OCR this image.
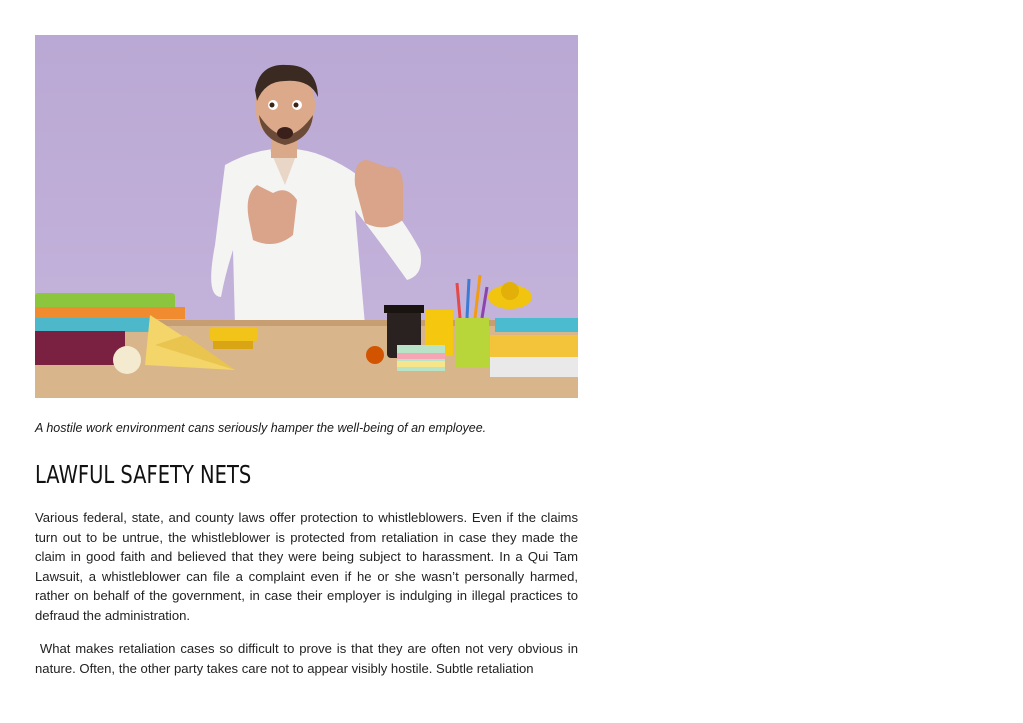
A hostile work environment cans seriously hamper the well-being of an employee.
LAWFUL SAFETY NETS

Various federal, state, and county laws offer protection to whistleblowers. Even if the claims turn out to be untrue, the whistleblower is protected from retaliation in case they made the claim in good faith and believed that they were being subject to harassment. In a Qui Tam Lawsuit, a whistleblower can file a complaint even if he or she wasn’t personally harmed, rather on behalf of the government, in case their employer is indulging in illegal practices to defraud the administration.

What makes retaliation cases so difficult to prove is that they are often not very obvious in nature. Often, the other party takes care not to appear visibly hostile. Subtle retaliation
